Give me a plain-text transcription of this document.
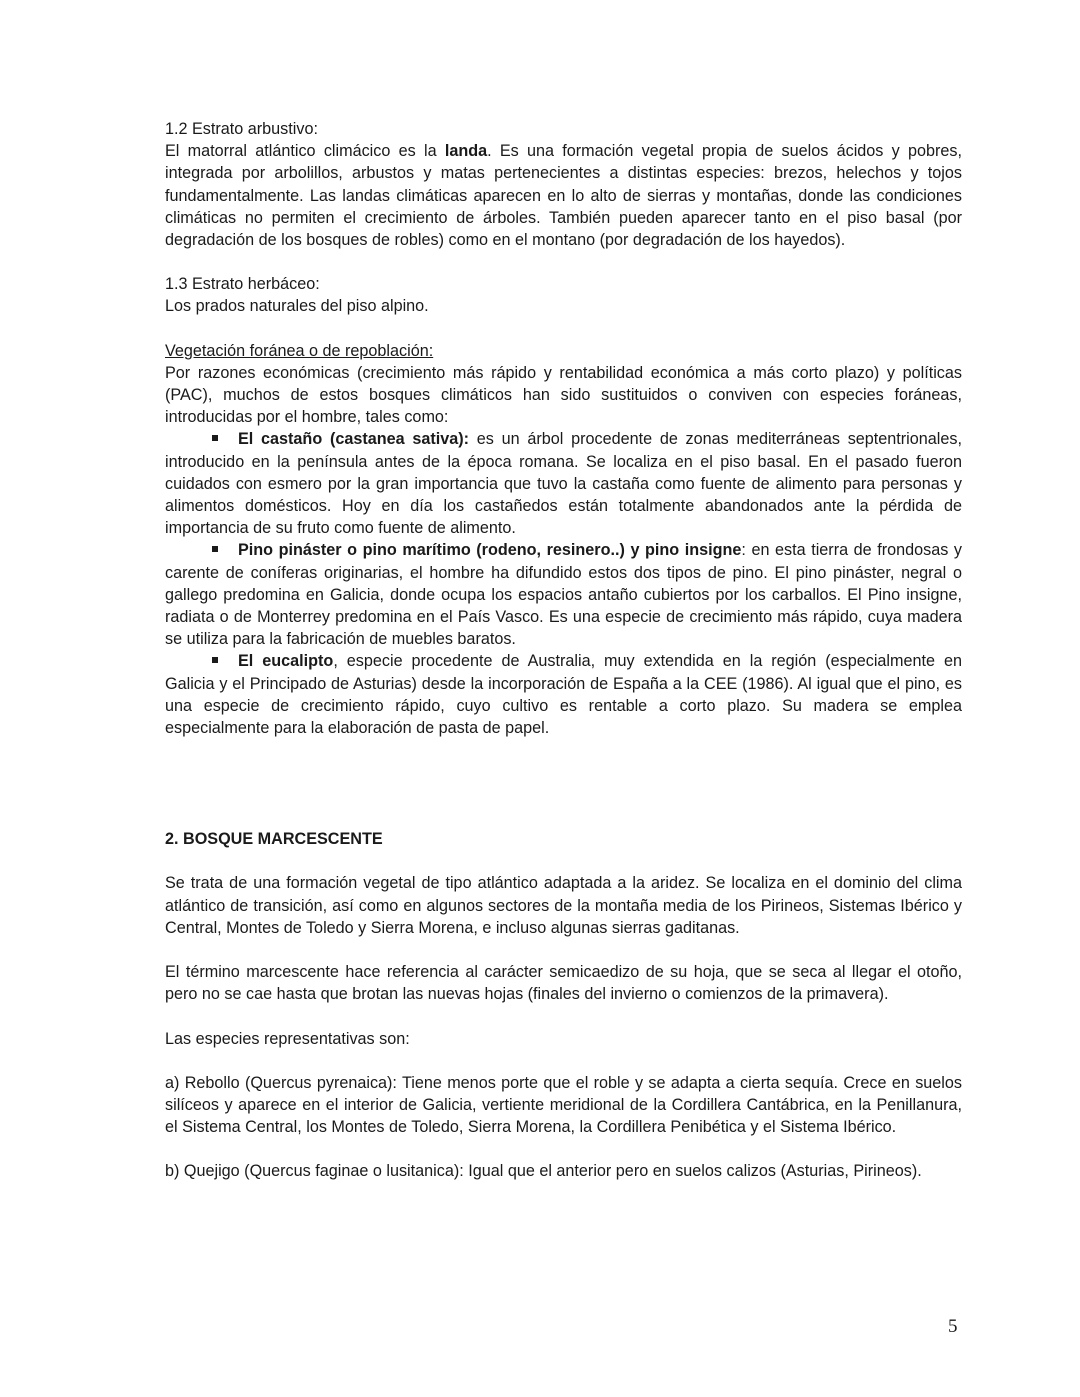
1.2 Estrato arbustivo:

El matorral atlántico climácico es la landa. Es una formación vegetal propia de suelos ácidos y pobres, integrada por arbolillos, arbustos y matas pertenecientes a distintas especies: brezos, helechos y tojos fundamentalmente. Las landas climáticas aparecen en lo alto de sierras y montañas, donde las condiciones climáticas no permiten el crecimiento de árboles. También pueden aparecer tanto en el piso basal (por degradación de los bosques de robles) como en el montano (por degradación de los hayedos).

1.3 Estrato herbáceo:

Los prados naturales del piso alpino.

Vegetación foránea o de repoblación:

Por razones económicas (crecimiento más rápido y rentabilidad económica a más corto plazo) y políticas (PAC), muchos de estos bosques climáticos han sido sustituidos o conviven con especies foráneas, introducidas por el hombre, tales como:

El castaño (castanea sativa): es un árbol procedente de zonas mediterráneas septentrionales, introducido en la península antes de la época romana. Se localiza en el piso basal. En el pasado fueron cuidados con esmero por la gran importancia que tuvo la castaña como fuente de alimento para personas y alimentos domésticos. Hoy en día los castañedos están totalmente abandonados ante la pérdida de importancia de su fruto como fuente de alimento.

Pino pináster o pino marítimo (rodeno, resinero..) y pino insigne: en esta tierra de frondosas y carente de coníferas originarias, el hombre ha difundido estos dos tipos de pino. El pino pináster, negral o gallego predomina en Galicia, donde ocupa los espacios antaño cubiertos por los carballos. El Pino insigne, radiata o de Monterrey predomina en el País Vasco. Es una especie de crecimiento más rápido, cuya madera se utiliza para la fabricación de muebles baratos.

El eucalipto, especie procedente de Australia, muy extendida en la región (especialmente en Galicia y el Principado de Asturias) desde la incorporación de España a la CEE (1986). Al igual que el pino, es una especie de crecimiento rápido, cuyo cultivo es rentable a corto plazo. Su madera se emplea especialmente para la elaboración de pasta de papel.

2. BOSQUE MARCESCENTE

Se trata de una formación vegetal de tipo atlántico adaptada a la aridez. Se localiza en el dominio del clima atlántico de transición, así como en algunos sectores de la montaña media de los Pirineos, Sistemas Ibérico y Central, Montes de Toledo y Sierra Morena, e incluso algunas sierras gaditanas.

El término marcescente hace referencia al carácter semicaedizo de su hoja, que se seca al llegar el otoño, pero no se cae hasta que brotan las nuevas hojas (finales del invierno o comienzos de la primavera).

Las especies representativas son:

a) Rebollo (Quercus pyrenaica): Tiene menos porte que el roble y se adapta a cierta sequía. Crece en suelos silíceos y aparece en el interior de Galicia, vertiente meridional de la Cordillera Cantábrica, en la Penillanura, el Sistema Central, los Montes de Toledo, Sierra Morena, la Cordillera Penibética y el Sistema Ibérico.

b) Quejigo (Quercus faginae o lusitanica): Igual que el anterior pero en suelos calizos (Asturias, Pirineos).

5
